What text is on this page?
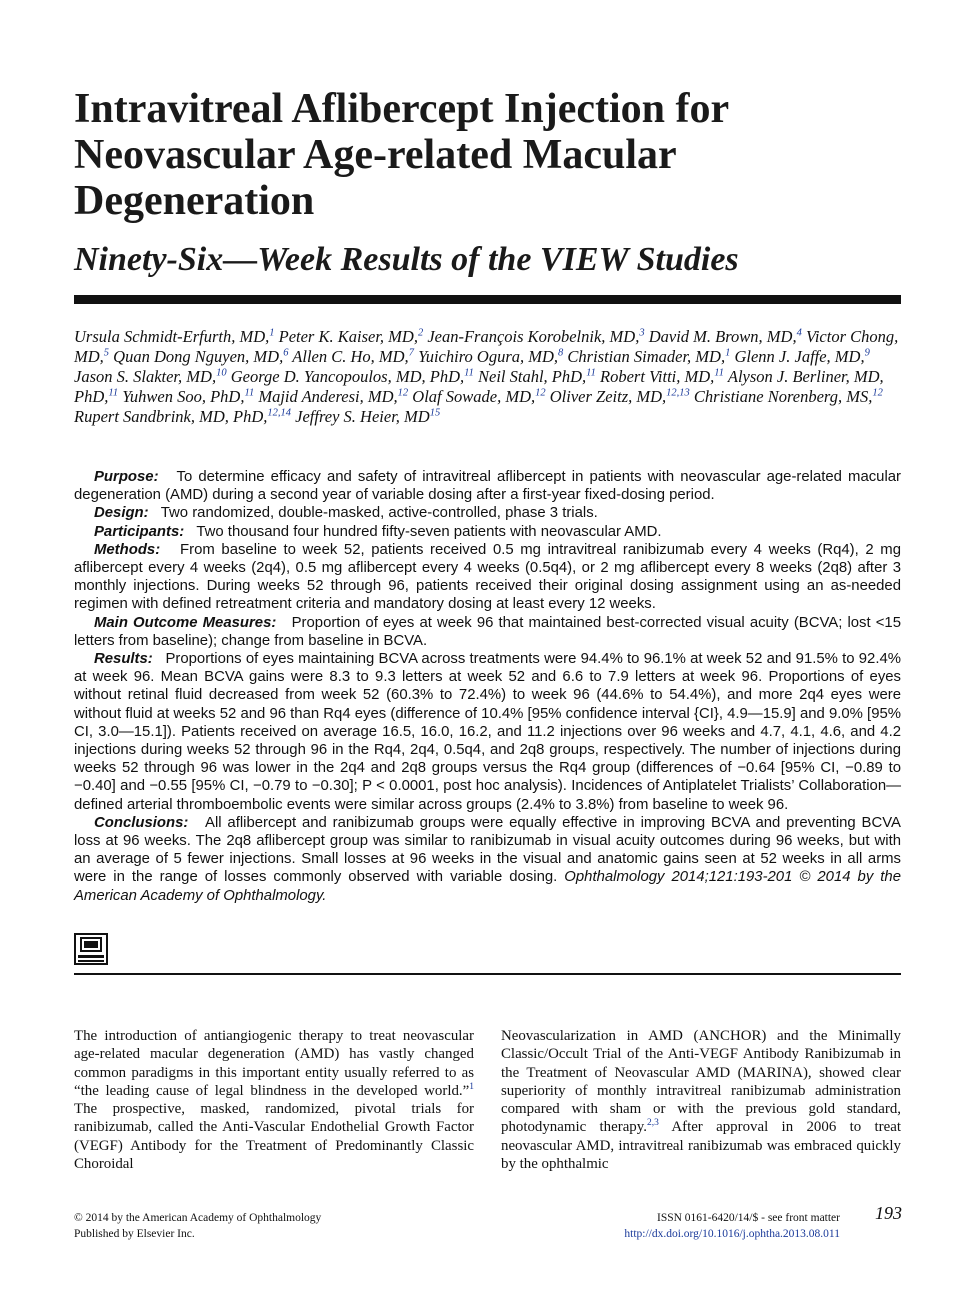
Intravitreal Aflibercept Injection for Neovascular Age-related Macular Degeneration
Ninety-Six—Week Results of the VIEW Studies
Ursula Schmidt-Erfurth, MD,$^1$ Peter K. Kaiser, MD,$^2$ Jean-François Korobelnik, MD,$^3$ David M. Brown, MD,$^4$ Victor Chong, MD,$^5$ Quan Dong Nguyen, MD,$^6$ Allen C. Ho, MD,$^7$ Yuichiro Ogura, MD,$^8$ Christian Simader, MD,$^1$ Glenn J. Jaffe, MD,$^9$ Jason S. Slakter, MD,$^{10}$ George D. Yancopoulos, MD, PhD,$^{11}$ Neil Stahl, PhD,$^{11}$ Robert Vitti, MD,$^{11}$ Alyson J. Berliner, MD, PhD,$^{11}$ Yuhwen Soo, PhD,$^{11}$ Majid Anderesi, MD,$^{12}$ Olaf Sowade, MD,$^{12}$ Oliver Zeitz, MD,$^{12,13}$ Christiane Norenberg, MS,$^{12}$ Rupert Sandbrink, MD, PhD,$^{12,14}$ Jeffrey S. Heier, MD$^{15}$

Purpose: To determine efficacy and safety of intravitreal aflibercept in patients with neovascular age-related macular degeneration (AMD) during a second year of variable dosing after a first-year fixed-dosing period.

Design: Two randomized, double-masked, active-controlled, phase 3 trials.

Participants: Two thousand four hundred fifty-seven patients with neovascular AMD.

Methods: From baseline to week 52, patients received 0.5 mg intravitreal ranibizumab every 4 weeks (Rq4), 2 mg aflibercept every 4 weeks (2q4), 0.5 mg aflibercept every 4 weeks (0.5q4), or 2 mg aflibercept every 8 weeks (2q8) after 3 monthly injections. During weeks 52 through 96, patients received their original dosing assignment using an as-needed regimen with defined retreatment criteria and mandatory dosing at least every 12 weeks.

Main Outcome Measures: Proportion of eyes at week 96 that maintained best-corrected visual acuity (BCVA; lost <15 letters from baseline); change from baseline in BCVA.

Results: Proportions of eyes maintaining BCVA across treatments were 94.4% to 96.1% at week 52 and 91.5% to 92.4% at week 96. Mean BCVA gains were 8.3 to 9.3 letters at week 52 and 6.6 to 7.9 letters at week 96. Proportions of eyes without retinal fluid decreased from week 52 (60.3% to 72.4%) to week 96 (44.6% to 54.4%), and more 2q4 eyes were without fluid at weeks 52 and 96 than Rq4 eyes (difference of 10.4% [95% confidence interval {CI}, 4.9—15.9] and 9.0% [95% CI, 3.0—15.1]). Patients received on average 16.5, 16.0, 16.2, and 11.2 injections over 96 weeks and 4.7, 4.1, 4.6, and 4.2 injections during weeks 52 through 96 in the Rq4, 2q4, 0.5q4, and 2q8 groups, respectively. The number of injections during weeks 52 through 96 was lower in the 2q4 and 2q8 groups versus the Rq4 group (differences of −0.64 [95% CI, −0.89 to −0.40] and −0.55 [95% CI, −0.79 to −0.30]; P < 0.0001, post hoc analysis). Incidences of Antiplatelet Trialists’ Collaboration—defined arterial thromboembolic events were similar across groups (2.4% to 3.8%) from baseline to week 96.

Conclusions: All aflibercept and ranibizumab groups were equally effective in improving BCVA and preventing BCVA loss at 96 weeks. The 2q8 aflibercept group was similar to ranibizumab in visual acuity outcomes during 96 weeks, but with an average of 5 fewer injections. Small losses at 96 weeks in the visual and anatomic gains seen at 52 weeks in all arms were in the range of losses commonly observed with variable dosing. Ophthalmology 2014;121:193-201 © 2014 by the American Academy of Ophthalmology.

The introduction of antiangiogenic therapy to treat neovascular age-related macular degeneration (AMD) has vastly changed common paradigms in this important entity usually referred to as “the leading cause of legal blindness in the developed world.”$^1$ The prospective, masked, randomized, pivotal trials for ranibizumab, called the Anti-Vascular Endothelial Growth Factor (VEGF) Antibody for the Treatment of Predominantly Classic Choroidal

Neovascularization in AMD (ANCHOR) and the Minimally Classic/Occult Trial of the Anti-VEGF Antibody Ranibizumab in the Treatment of Neovascular AMD (MARINA), showed clear superiority of monthly intravitreal ranibizumab administration compared with sham or with the previous gold standard, photodynamic therapy.$^{2,3}$ After approval in 2006 to treat neovascular AMD, intravitreal ranibizumab was embraced quickly by the ophthalmic

© 2014 by the American Academy of Ophthalmology
Published by Elsevier Inc.
ISSN 0161-6420/14/$ - see front matter
http://dx.doi.org/10.1016/j.ophtha.2013.08.011
193
